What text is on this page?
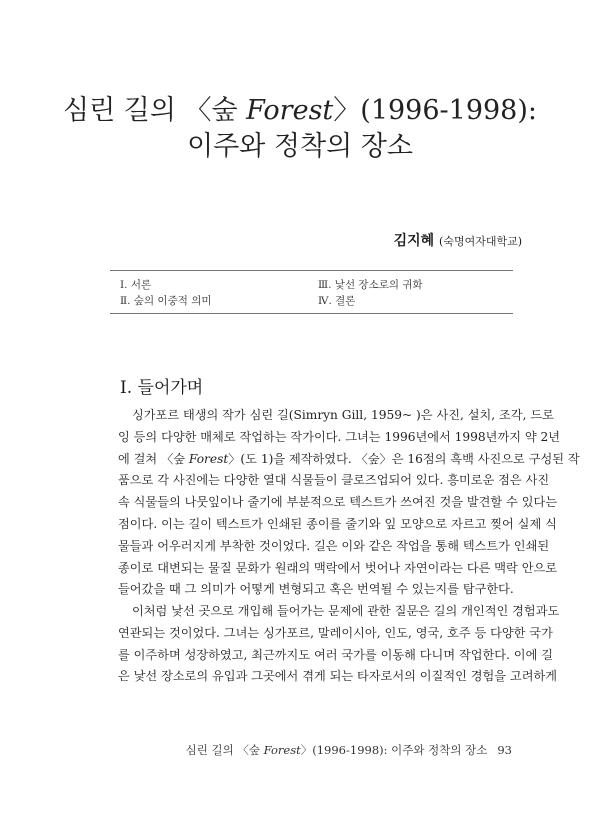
심린 길의 〈숲 Forest〉(1996-1998):
이주와 정착의 장소
김지혜 (숙명여자대학교)
Ⅰ. 서론
Ⅱ. 숲의 이중적 의미
Ⅲ. 낯선 장소로의 귀화
Ⅳ. 결론
Ⅰ. 들어가며
싱가포르 태생의 작가 심린 길(Simryn Gill, 1959~ )은 사진, 설치, 조각, 드로
잉 등의 다양한 매체로 작업하는 작가이다. 그녀는 1996년에서 1998년까지 약 2년
에 걸쳐 〈숲 Forest〉(도 1)을 제작하였다. 〈숲〉은 16점의 흑백 사진으로 구성된 작
품으로 각 사진에는 다양한 열대 식물들이 클로즈업되어 있다. 흥미로운 점은 사진
속 식물들의 나뭇잎이나 줄기에 부분적으로 텍스트가 쓰여진 것을 발견할 수 있다는
점이다. 이는 길이 텍스트가 인쇄된 종이를 줄기와 잎 모양으로 자르고 찢어 실제 식
물들과 어우러지게 부착한 것이었다. 길은 이와 같은 작업을 통해 텍스트가 인쇄된
종이로 대변되는 물질 문화가 원래의 맥락에서 벗어나 자연이라는 다른 맥락 안으로
들어갔을 때 그 의미가 어떻게 변형되고 혹은 번역될 수 있는지를 탐구한다.
이처럼 낯선 곳으로 개입해 들어가는 문제에 관한 질문은 길의 개인적인 경험과도
연관되는 것이었다. 그녀는 싱가포르, 말레이시아, 인도, 영국, 호주 등 다양한 국가
를 이주하며 성장하였고, 최근까지도 여러 국가를 이동해 다니며 작업한다. 이에 길
은 낯선 장소로의 유입과 그곳에서 겪게 되는 타자로서의 이질적인 경험을 고려하게
심린 길의 〈숲 Forest〉(1996-1998): 이주와 정착의 장소 93
